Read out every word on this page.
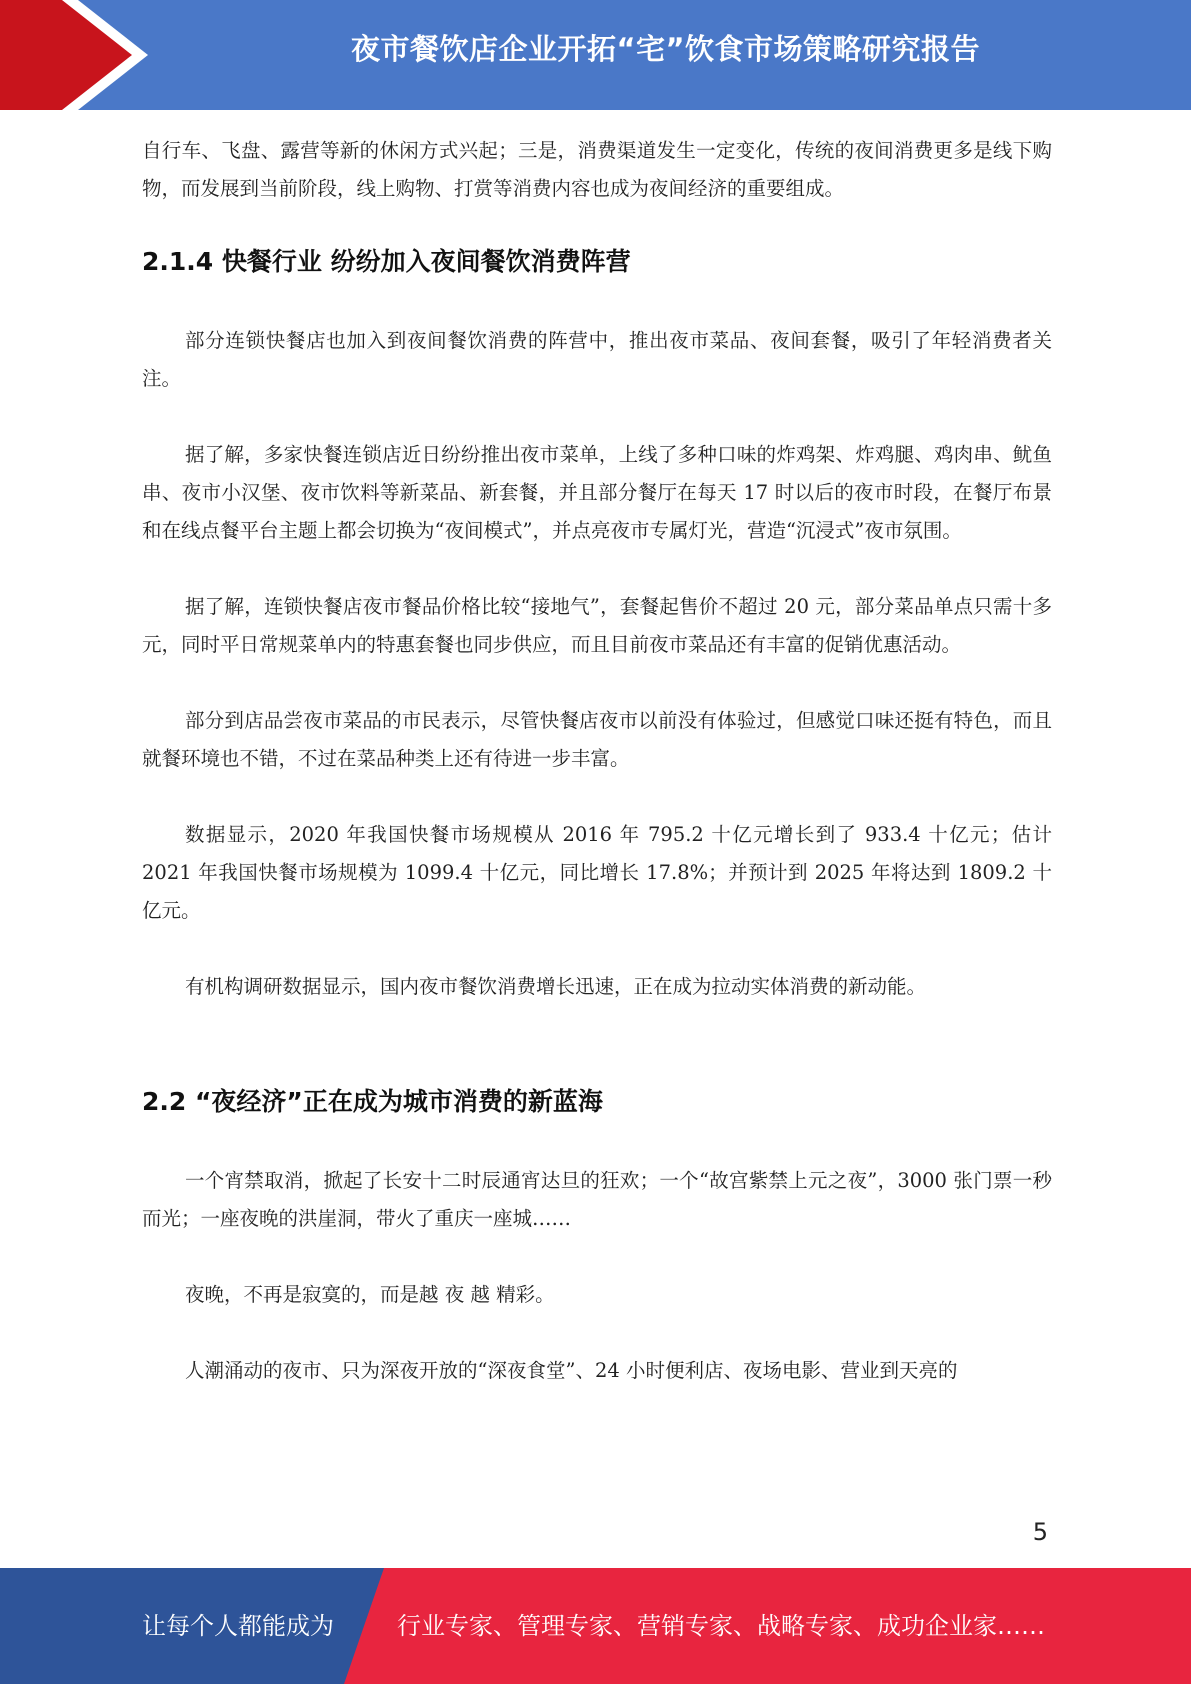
夜市餐饮店企业开拓“宅”饮食市场策略研究报告

自行车、飞盘、露营等新的休闲方式兴起；三是，消费渠道发生一定变化，传统的夜间消费更多是线下购物，而发展到当前阶段，线上购物、打赏等消费内容也成为夜间经济的重要组成。

2.1.4 快餐行业 纷纷加入夜间餐饮消费阵营

部分连锁快餐店也加入到夜间餐饮消费的阵营中，推出夜市菜品、夜间套餐，吸引了年轻消费者关注。

据了解，多家快餐连锁店近日纷纷推出夜市菜单，上线了多种口味的炸鸡架、炸鸡腿、鸡肉串、鱿鱼串、夜市小汉堡、夜市饮料等新菜品、新套餐，并且部分餐厅在每天 17 时以后的夜市时段，在餐厅布景和在线点餐平台主题上都会切换为“夜间模式”，并点亮夜市专属灯光，营造“沉浸式”夜市氛围。

据了解，连锁快餐店夜市餐品价格比较“接地气”，套餐起售价不超过 20 元，部分菜品单点只需十多元，同时平日常规菜单内的特惠套餐也同步供应，而且目前夜市菜品还有丰富的促销优惠活动。

部分到店品尝夜市菜品的市民表示，尽管快餐店夜市以前没有体验过，但感觉口味还挺有特色，而且就餐环境也不错，不过在菜品种类上还有待进一步丰富。

数据显示，2020 年我国快餐市场规模从 2016 年 795.2 十亿元增长到了 933.4 十亿元；估计 2021 年我国快餐市场规模为 1099.4 十亿元，同比增长 17.8%；并预计到 2025 年将达到 1809.2 十亿元。

有机构调研数据显示，国内夜市餐饮消费增长迅速，正在成为拉动实体消费的新动能。

2.2 “夜经济”正在成为城市消费的新蓝海

一个宵禁取消，掀起了长安十二时辰通宵达旦的狂欢；一个“故宫紫禁上元之夜”，3000 张门票一秒而光；一座夜晚的洪崖洞，带火了重庆一座城……

夜晚，不再是寂寞的，而是越 夜 越 精彩。

人潮涌动的夜市、只为深夜开放的“深夜食堂”、24 小时便利店、夜场电影、营业到天亮的

5
让每个人都能成为	行业专家、管理专家、营销专家、战略专家、成功企业家……
